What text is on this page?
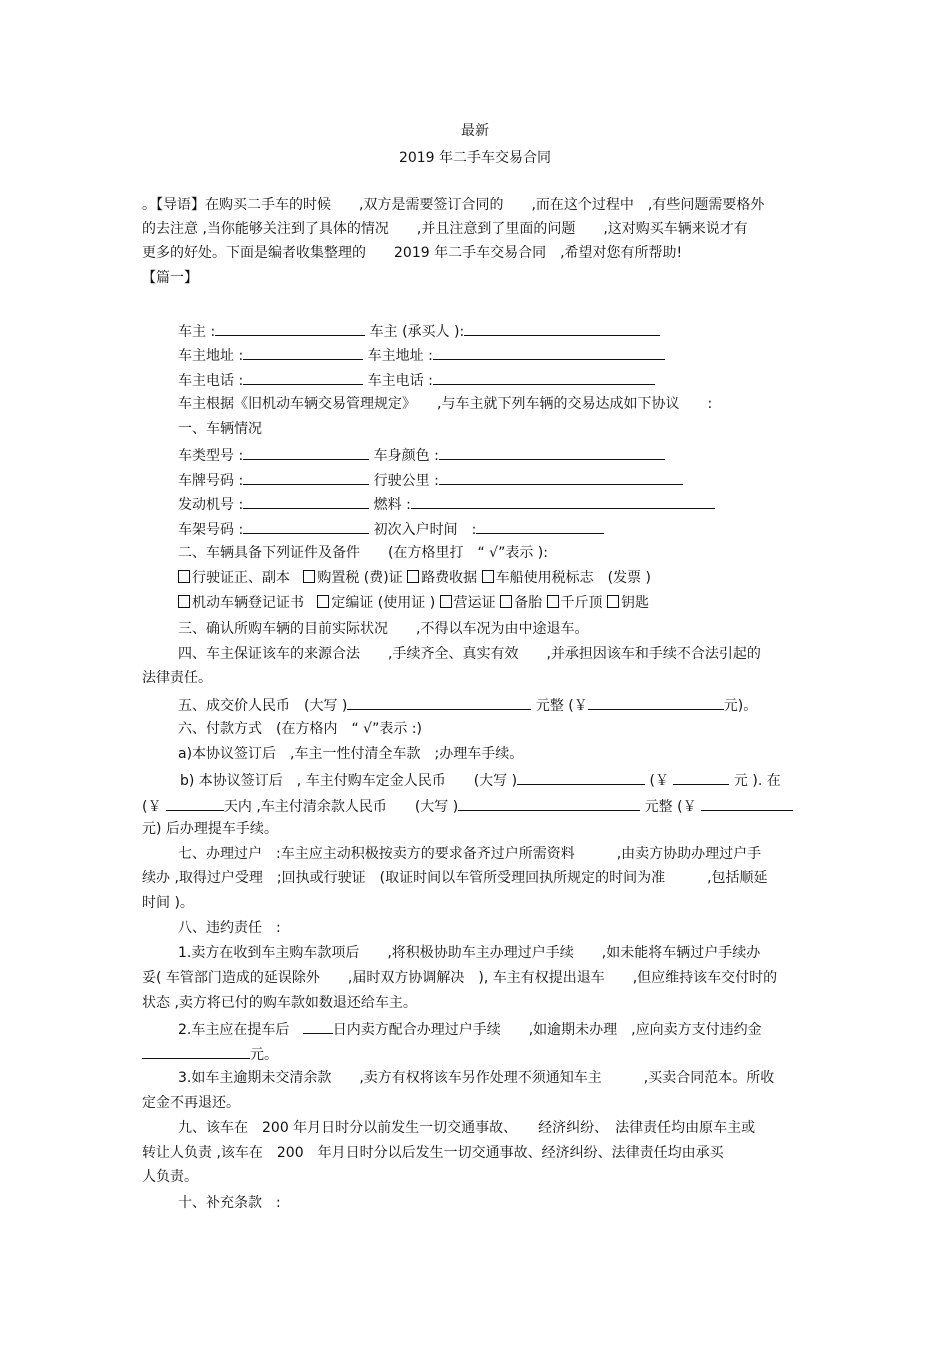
最新
2019 年二手车交易合同
。【导语】在购买二手车的时候　　,双方是需要签订合同的　　,而在这个过程中　,有些问题需要格外
的去注意 ,当你能够关注到了具体的情况　　,并且注意到了里面的问题　　,这对购买车辆来说才有
更多的好处。下面是编者收集整理的　　2019 年二手车交易合同　,希望对您有所帮助!
【篇一】
车主 :	车主 (承买人 ):
车主地址 :	车主地址 :
车主电话 :	车主电话 :
车主根据《旧机动车辆交易管理规定》　　,与车主就下列车辆的交易达成如下协议　　:
一、车辆情况
车类型号 :	车身颜色 :
车牌号码 :	行驶公里 :
发动机号 :	燃料 :
车架号码 :	初次入户时间　:
二、车辆具备下列证件及备件　　(在方格里打　“ √”表示 ):
行驶证正、副本 购置税 (费)证 路费收据 车船使用税标志　(发票 )
机动车辆登记证书 定编证 (使用证 ) 营运证 备胎 千斤顶 钥匙
三、确认所购车辆的目前实际状况　　,不得以车况为由中途退车。
四、车主保证该车的来源合法　　,手续齐全、真实有效　　,并承担因该车和手续不合法引起的
法律责任。
五、成交价人民币　(大写 )	元整 (￥	元)。
六、付款方式　(在方格内　“ √”表示 :)
a)本协议签订后　,车主一性付清全车款　;办理车手续。
b) 本协议签订后　, 车主付购车定金人民币　　(大写 )	(￥	元 ). 在
(￥	天内 ,车主付清余款人民币　　(大写 )	元整 (￥
元) 后办理提车手续。
七、办理过户　:车主应主动积极按卖方的要求备齐过户所需资料　　　,由卖方协助办理过户手
续办 ,取得过户受理　;回执或行驶证　(取证时间以车管所受理回执所规定的时间为准　　　,包括顺延
时间 )。
八、违约责任　:
1.卖方在收到车主购车款项后　　,将积极协助车主办理过户手续　　,如未能将车辆过户手续办
妥( 车管部门造成的延误除外　　,届时双方协调解决　), 车主有权提出退车　　,但应维持该车交付时的
状态 ,卖方将已付的购车款如数退还给车主。
2.车主应在提车后	日内卖方配合办理过户手续　　,如逾期未办理　,应向卖方支付违约金
元。
3.如车主逾期未交清余款　　,卖方有权将该车另作处理不须通知车主　　　,买卖合同范本。所收
定金不再退还。
九、该车在　200 年月日时分以前发生一切交通事故、　　经济纠纷、　法律责任均由原车主或
转让人负责 ,该车在　200　年月日时分以后发生一切交通事故、经济纠纷、法律责任均由承买
人负责。
十、补充条款　:
